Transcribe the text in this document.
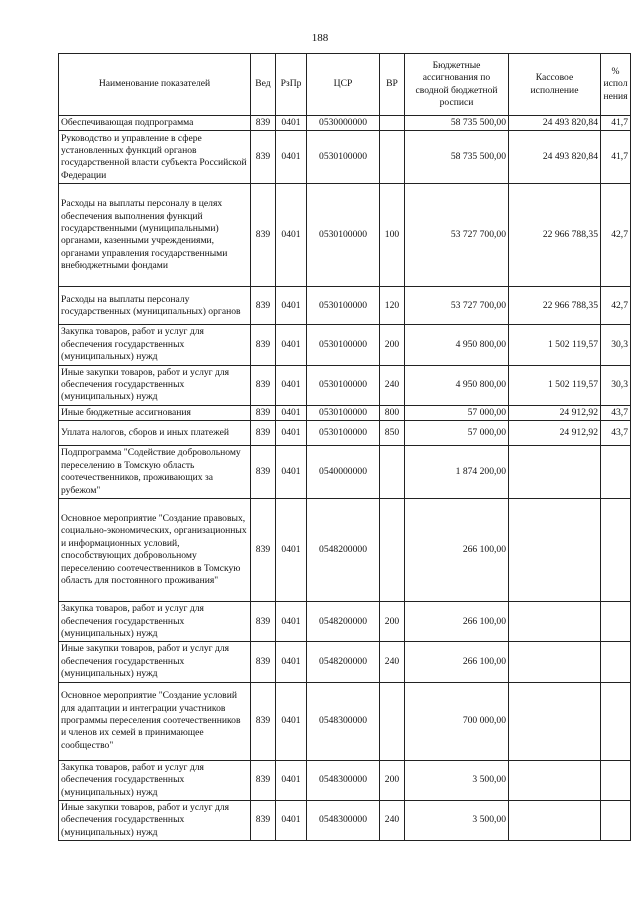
188
Наименование показателей	Вед	РзПр	ЦСР	ВР	Бюджетные ассигнования по сводной бюджетной росписи	Кассовое исполнение	% испол нения
Обеспечивающая подпрограмма	839	0401	0530000000		58 735 500,00	24 493 820,84	41,7
Руководство и управление в сфере установленных функций органов государственной власти субъекта Российской Федерации	839	0401	0530100000		58 735 500,00	24 493 820,84	41,7
Расходы на выплаты персоналу в целях обеспечения выполнения функций государственными (муниципальными) органами, казенными учреждениями, органами управления государственными внебюджетными фондами	839	0401	0530100000	100	53 727 700,00	22 966 788,35	42,7
Расходы на выплаты персоналу государственных (муниципальных) органов	839	0401	0530100000	120	53 727 700,00	22 966 788,35	42,7
Закупка товаров, работ и услуг для обеспечения государственных (муниципальных) нужд	839	0401	0530100000	200	4 950 800,00	1 502 119,57	30,3
Иные закупки товаров, работ и услуг для обеспечения государственных (муниципальных) нужд	839	0401	0530100000	240	4 950 800,00	1 502 119,57	30,3
Иные бюджетные ассигнования	839	0401	0530100000	800	57 000,00	24 912,92	43,7
Уплата налогов, сборов и иных платежей	839	0401	0530100000	850	57 000,00	24 912,92	43,7
Подпрограмма "Содействие добровольному переселению в Томскую область соотечественников, проживающих за рубежом"	839	0401	0540000000		1 874 200,00		
Основное мероприятие "Создание правовых, социально-экономических, организационных и информационных условий, способствующих добровольному переселению соотечественников в Томскую область для постоянного проживания"	839	0401	0548200000		266 100,00		
Закупка товаров, работ и услуг для обеспечения государственных (муниципальных) нужд	839	0401	0548200000	200	266 100,00		
Иные закупки товаров, работ и услуг для обеспечения государственных (муниципальных) нужд	839	0401	0548200000	240	266 100,00		
Основное мероприятие "Создание условий для адаптации и интеграции участников программы переселения соотечественников и членов их семей в принимающее сообщество"	839	0401	0548300000		700 000,00		
Закупка товаров, работ и услуг для обеспечения государственных (муниципальных) нужд	839	0401	0548300000	200	3 500,00		
Иные закупки товаров, работ и услуг для обеспечения государственных (муниципальных) нужд	839	0401	0548300000	240	3 500,00		
